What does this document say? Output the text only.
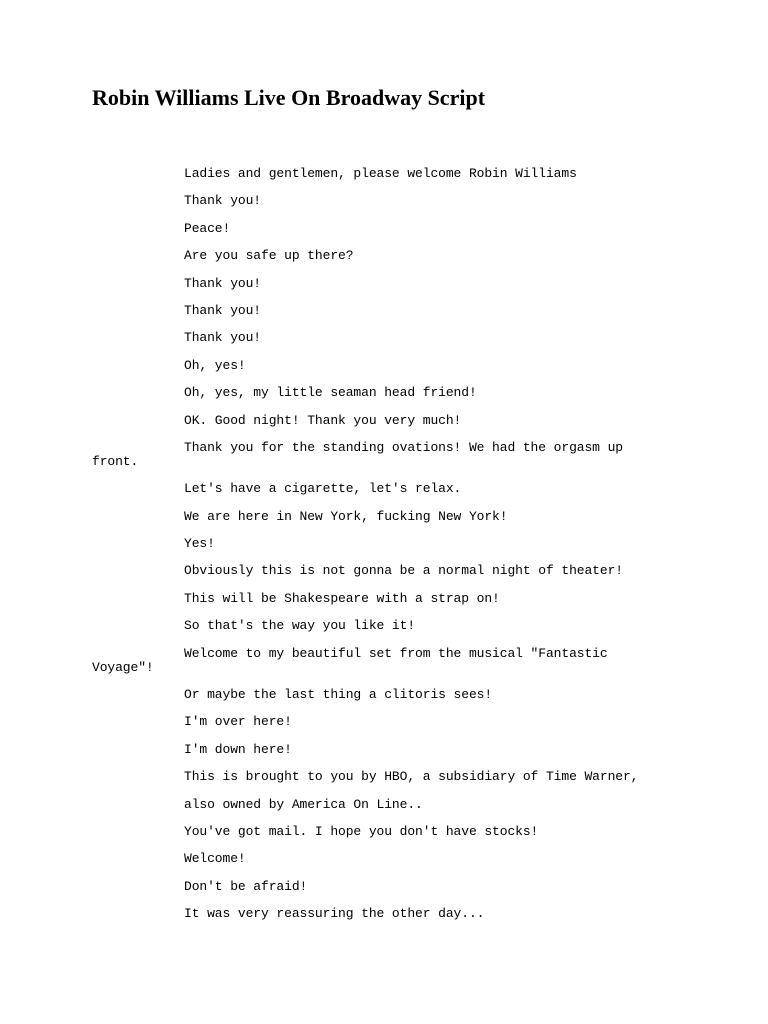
Robin Williams Live On Broadway Script

Ladies and gentlemen, please welcome Robin Williams

Thank you!

Peace!

Are you safe up there?

Thank you!

Thank you!

Thank you!

Oh, yes!

Oh, yes, my little seaman head friend!

OK. Good night! Thank you very much!

Thank you for the standing ovations! We had the orgasm up
front.

Let's have a cigarette, let's relax.

We are here in New York, fucking New York!

Yes!

Obviously this is not gonna be a normal night of theater!

This will be Shakespeare with a strap on!

So that's the way you like it!

Welcome to my beautiful set from the musical "Fantastic
Voyage"!

Or maybe the last thing a clitoris sees!

I'm over here!

I'm down here!

This is brought to you by HBO, a subsidiary of Time Warner,

also owned by America On Line..

You've got mail. I hope you don't have stocks!

Welcome!

Don't be afraid!

It was very reassuring the other day...
